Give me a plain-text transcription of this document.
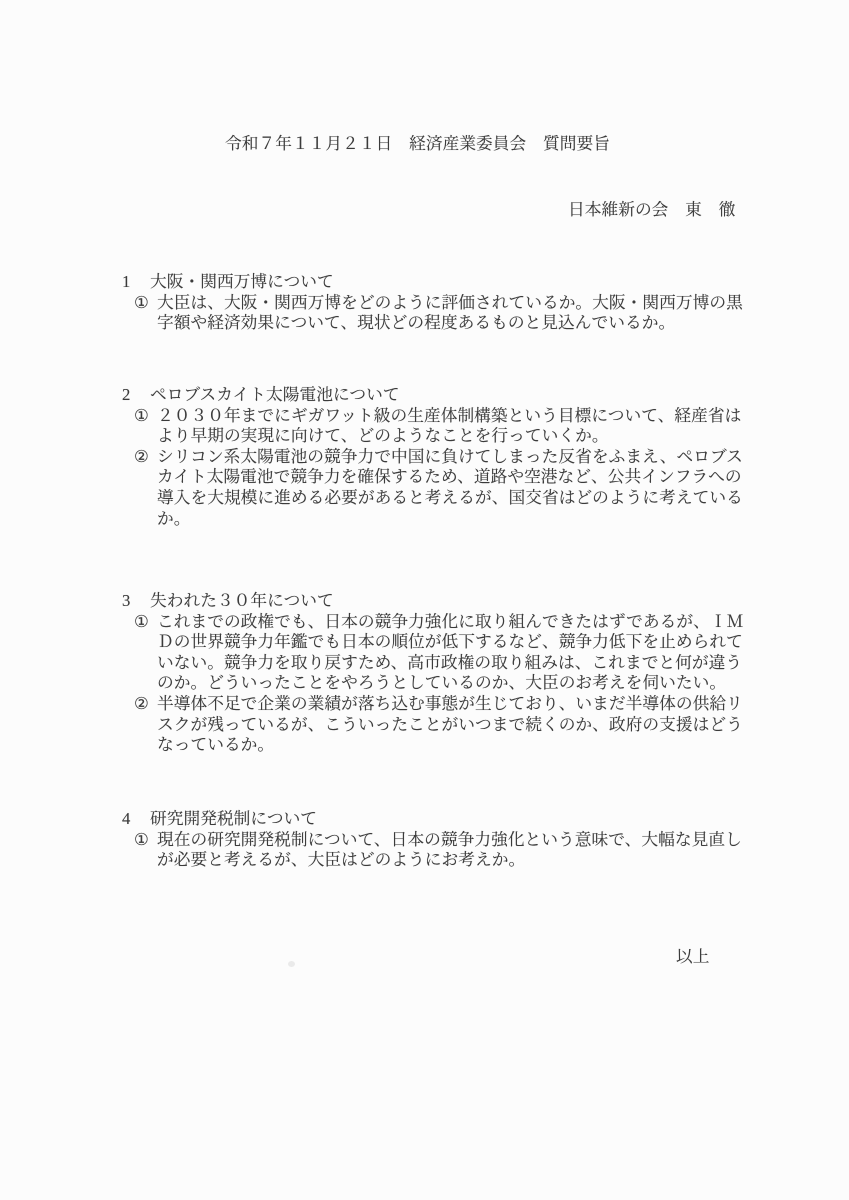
令和７年１１月２１日　経済産業委員会　質問要旨
日本維新の会　東　徹
1 大阪・関西万博について
① 大臣は、大阪・関西万博をどのように評価されているか。大阪・関西万博の黒
字額や経済効果について、現状どの程度あるものと見込んでいるか。
2 ペロブスカイト太陽電池について
① ２０３０年までにギガワット級の生産体制構築という目標について、経産省は
より早期の実現に向けて、どのようなことを行っていくか。
② シリコン系太陽電池の競争力で中国に負けてしまった反省をふまえ、ペロブス
カイト太陽電池で競争力を確保するため、道路や空港など、公共インフラへの
導入を大規模に進める必要があると考えるが、国交省はどのように考えている
か。
3 失われた３０年について
① これまでの政権でも、日本の競争力強化に取り組んできたはずであるが、ＩＭ
Ｄの世界競争力年鑑でも日本の順位が低下するなど、競争力低下を止められて
いない。競争力を取り戻すため、高市政権の取り組みは、これまでと何が違う
のか。どういったことをやろうとしているのか、大臣のお考えを伺いたい。
② 半導体不足で企業の業績が落ち込む事態が生じており、いまだ半導体の供給リ
スクが残っているが、こういったことがいつまで続くのか、政府の支援はどう
なっているか。
4 研究開発税制について
① 現在の研究開発税制について、日本の競争力強化という意味で、大幅な見直し
が必要と考えるが、大臣はどのようにお考えか。
以上
